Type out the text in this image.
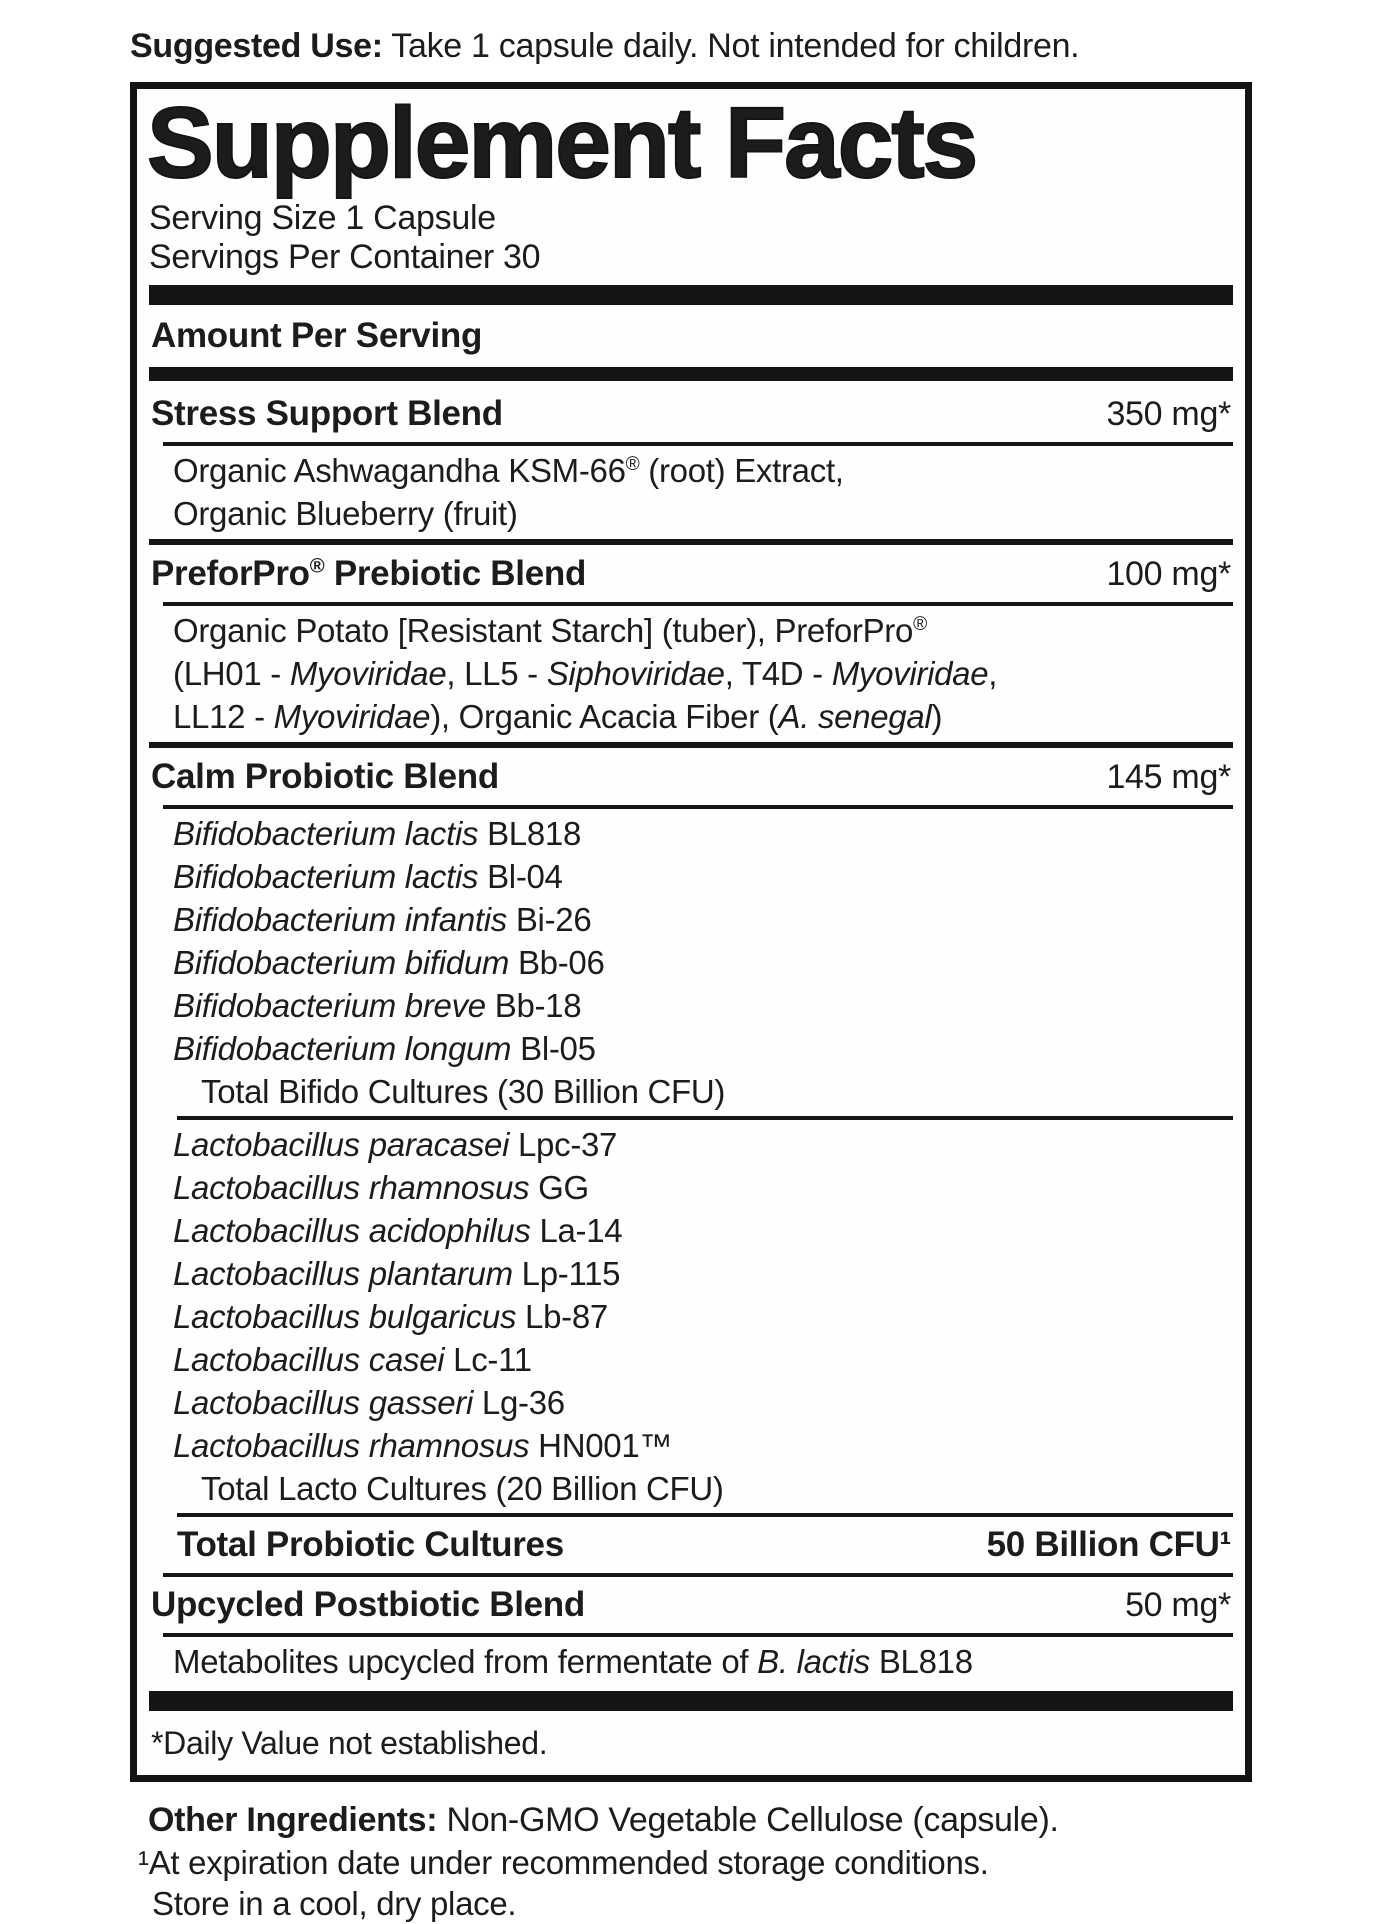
Suggested Use: Take 1 capsule daily. Not intended for children.
Supplement Facts
Serving Size 1 Capsule
Servings Per Container 30
Amount Per Serving
Stress Support Blend	350 mg*
Organic Ashwagandha KSM-66® (root) Extract,
Organic Blueberry (fruit)
PreforPro® Prebiotic Blend	100 mg*
Organic Potato [Resistant Starch] (tuber), PreforPro®
(LH01 - Myoviridae, LL5 - Siphoviridae, T4D - Myoviridae,
LL12 - Myoviridae), Organic Acacia Fiber (A. senegal)
Calm Probiotic Blend	145 mg*
Bifidobacterium lactis BL818
Bifidobacterium lactis Bl-04
Bifidobacterium infantis Bi-26
Bifidobacterium bifidum Bb-06
Bifidobacterium breve Bb-18
Bifidobacterium longum Bl-05
Total Bifido Cultures (30 Billion CFU)
Lactobacillus paracasei Lpc-37
Lactobacillus rhamnosus GG
Lactobacillus acidophilus La-14
Lactobacillus plantarum Lp-115
Lactobacillus bulgaricus Lb-87
Lactobacillus casei Lc-11
Lactobacillus gasseri Lg-36
Lactobacillus rhamnosus HN001™
Total Lacto Cultures (20 Billion CFU)
Total Probiotic Cultures	50 Billion CFU¹
Upcycled Postbiotic Blend	50 mg*
Metabolites upcycled from fermentate of B. lactis BL818
*Daily Value not established.
Other Ingredients: Non-GMO Vegetable Cellulose (capsule).
¹At expiration date under recommended storage conditions.
Store in a cool, dry place.
